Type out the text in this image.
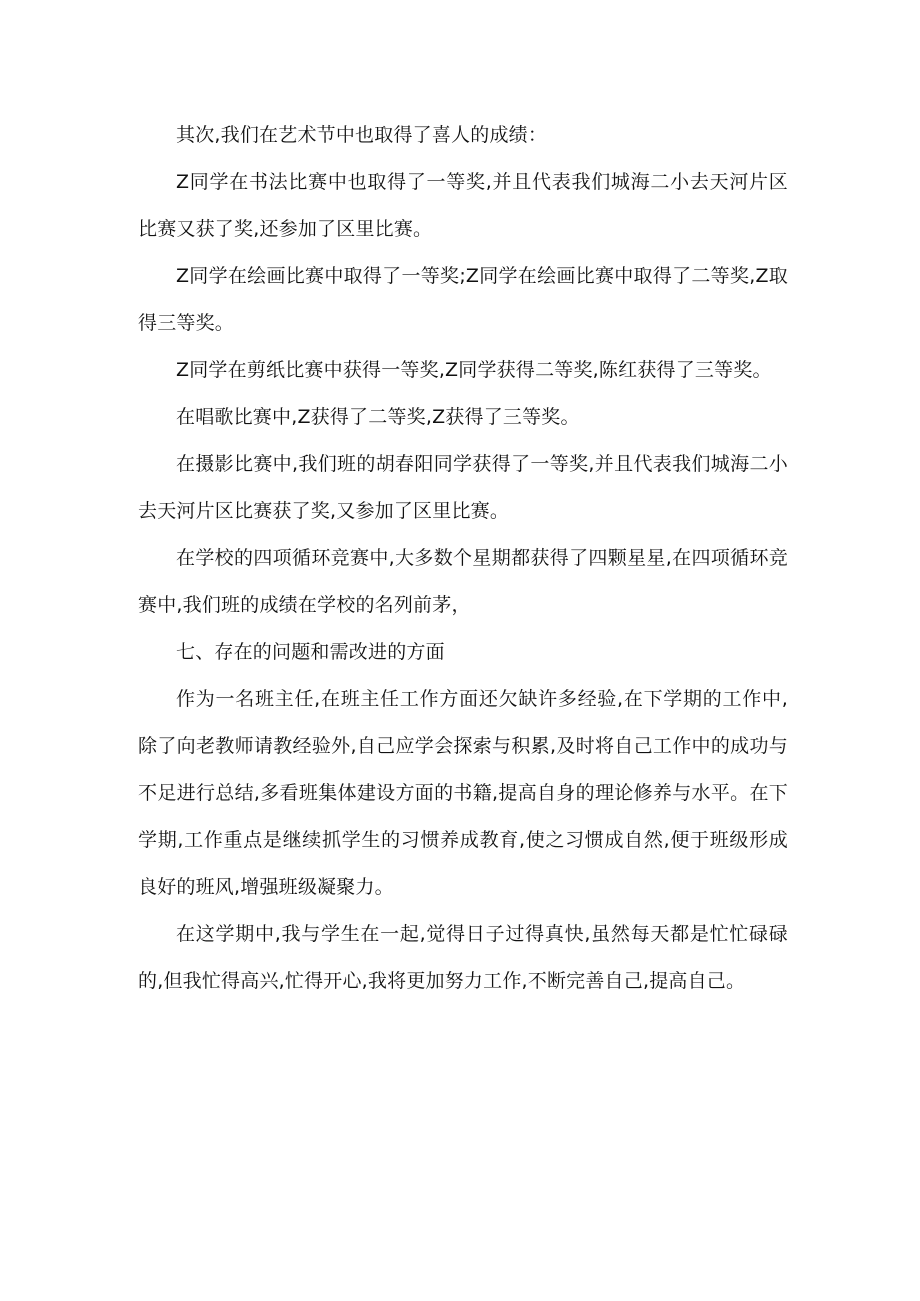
其次,我们在艺术节中也取得了喜人的成绩：

Z同学在书法比赛中也取得了一等奖,并且代表我们城海二小去天河片区比赛又获了奖,还参加了区里比赛。

Z同学在绘画比赛中取得了一等奖;Z同学在绘画比赛中取得了二等奖,Z取得三等奖。

Z同学在剪纸比赛中获得一等奖,Z同学获得二等奖,陈红获得了三等奖。

在唱歌比赛中,Z获得了二等奖,Z获得了三等奖。

在摄影比赛中,我们班的胡春阳同学获得了一等奖,并且代表我们城海二小去天河片区比赛获了奖,又参加了区里比赛。

在学校的四项循环竞赛中,大多数个星期都获得了四颗星星,在四项循环竞赛中,我们班的成绩在学校的名列前茅，

七、存在的问题和需改进的方面

作为一名班主任,在班主任工作方面还欠缺许多经验,在下学期的工作中,除了向老教师请教经验外,自己应学会探索与积累,及时将自己工作中的成功与不足进行总结,多看班集体建设方面的书籍,提高自身的理论修养与水平。在下学期,工作重点是继续抓学生的习惯养成教育,使之习惯成自然,便于班级形成良好的班风,增强班级凝聚力。

在这学期中,我与学生在一起,觉得日子过得真快,虽然每天都是忙忙碌碌的,但我忙得高兴,忙得开心,我将更加努力工作,不断完善自己,提高自己。
